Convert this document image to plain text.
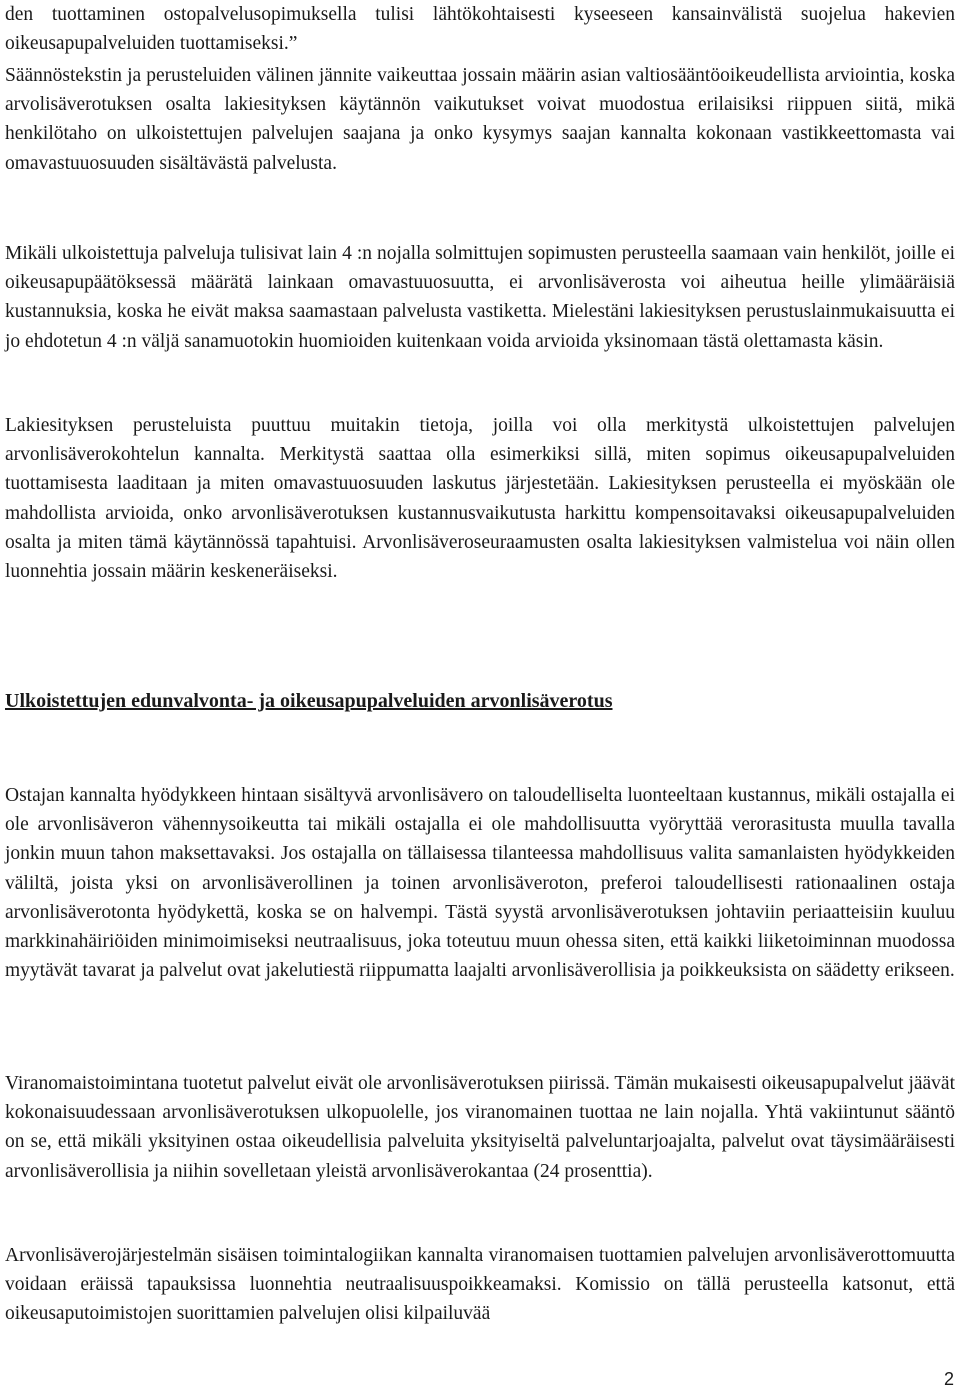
den tuottaminen ostopalvelusopimuksella tulisi lähtökohtaisesti kyseeseen kansainvälistä suojelua hakevien oikeusapupalveluiden tuottamiseksi.”

Säännöstekstin ja perusteluiden välinen jännite vaikeuttaa jossain määrin asian valtiosääntöoikeudellista arviointia, koska arvolisäverotuksen osalta lakiesityksen käytännön vaikutukset voivat muodostua erilaisiksi riippuen siitä, mikä henkilötaho on ulkoistettujen palvelujen saajana ja onko kysymys saajan kannalta kokonaan vastikkeettomasta vai omavastuuosuuden sisältävästä palvelusta.

Mikäli ulkoistettuja palveluja tulisivat lain 4 :n nojalla solmittujen sopimusten perusteella saamaan vain henkilöt, joille ei oikeusapupäätöksessä määrätä lainkaan omavastuuosuutta, ei arvonlisäverosta voi aiheutua heille ylimääräisiä kustannuksia, koska he eivät maksa saamastaan palvelusta vastiketta. Mielestäni lakiesityksen perustuslainmukaisuutta ei jo ehdotetun 4 :n väljä sanamuotokin huomioiden kuitenkaan voida arvioida yksinomaan tästä olettamasta käsin.

Lakiesityksen perusteluista puuttuu muitakin tietoja, joilla voi olla merkitystä ulkoistettujen palvelujen arvonlisäverokohtelun kannalta. Merkitystä saattaa olla esimerkiksi sillä, miten sopimus oikeusapupalveluiden tuottamisesta laaditaan ja miten omavastuuosuuden laskutus järjestetään. Lakiesityksen perusteella ei myöskään ole mahdollista arvioida, onko arvonlisäverotuksen kustannusvaikutusta harkittu kompensoitavaksi oikeusapupalveluiden osalta ja miten tämä käytännössä tapahtuisi. Arvonlisäveroseuraamusten osalta lakiesityksen valmistelua voi näin ollen luonnehtia jossain määrin keskeneräiseksi.

Ulkoistettujen edunvalvonta- ja oikeusapupalveluiden arvonlisäverotus

Ostajan kannalta hyödykkeen hintaan sisältyvä arvonlisävero on taloudelliselta luonteeltaan kustannus, mikäli ostajalla ei ole arvonlisäveron vähennysoikeutta tai mikäli ostajalla ei ole mahdollisuutta vyöryttää verorasitusta muulla tavalla jonkin muun tahon maksettavaksi. Jos ostajalla on tällaisessa tilanteessa mahdollisuus valita samanlaisten hyödykkeiden väliltä, joista yksi on arvonlisäverollinen ja toinen arvonlisäveroton, preferoi taloudellisesti rationaalinen ostaja arvonlisäverotonta hyödykettä, koska se on halvempi. Tästä syystä arvonlisäverotuksen johtaviin periaatteisiin kuuluu markkinahäiriöiden minimoimiseksi neutraalisuus, joka toteutuu muun ohessa siten, että kaikki liiketoiminnan muodossa myytävät tavarat ja palvelut ovat jakelutiestä riippumatta laajalti arvonlisäverollisia ja poikkeuksista on säädetty erikseen.

Viranomaistoimintana tuotetut palvelut eivät ole arvonlisäverotuksen piirissä. Tämän mukaisesti oikeusapupalvelut jäävät kokonaisuudessaan arvonlisäverotuksen ulkopuolelle, jos viranomainen tuottaa ne lain nojalla. Yhtä vakiintunut sääntö on se, että mikäli yksityinen ostaa oikeudellisia palveluita yksityiseltä palveluntarjoajalta, palvelut ovat täysimääräisesti arvonlisäverollisia ja niihin sovelletaan yleistä arvonlisäverokantaa (24 prosenttia).

Arvonlisäverojärjestelmän sisäisen toimintalogiikan kannalta viranomaisen tuottamien palvelujen arvonlisäverottomuutta voidaan eräissä tapauksissa luonnehtia neutraalisuuspoikkeamaksi. Komissio on tällä perusteella katsonut, että oikeusaputoimistojen suorittamien palvelujen olisi kilpailuvää

2
